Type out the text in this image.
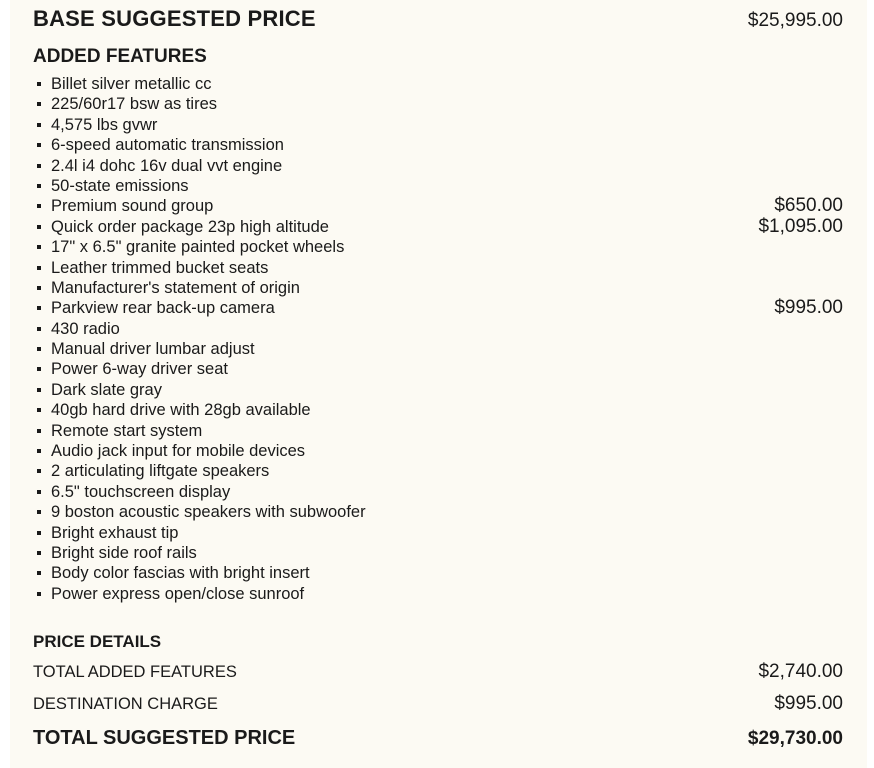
BASE SUGGESTED PRICE	$25,995.00
ADDED FEATURES
Billet silver metallic cc
225/60r17 bsw as tires
4,575 lbs gvwr
6-speed automatic transmission
2.4l i4 dohc 16v dual vvt engine
50-state emissions
Premium sound group	$650.00
Quick order package 23p high altitude	$1,095.00
17" x 6.5" granite painted pocket wheels
Leather trimmed bucket seats
Manufacturer's statement of origin
Parkview rear back-up camera	$995.00
430 radio
Manual driver lumbar adjust
Power 6-way driver seat
Dark slate gray
40gb hard drive with 28gb available
Remote start system
Audio jack input for mobile devices
2 articulating liftgate speakers
6.5" touchscreen display
9 boston acoustic speakers with subwoofer
Bright exhaust tip
Bright side roof rails
Body color fascias with bright insert
Power express open/close sunroof
PRICE DETAILS
TOTAL ADDED FEATURES	$2,740.00
DESTINATION CHARGE	$995.00
TOTAL SUGGESTED PRICE	$29,730.00
